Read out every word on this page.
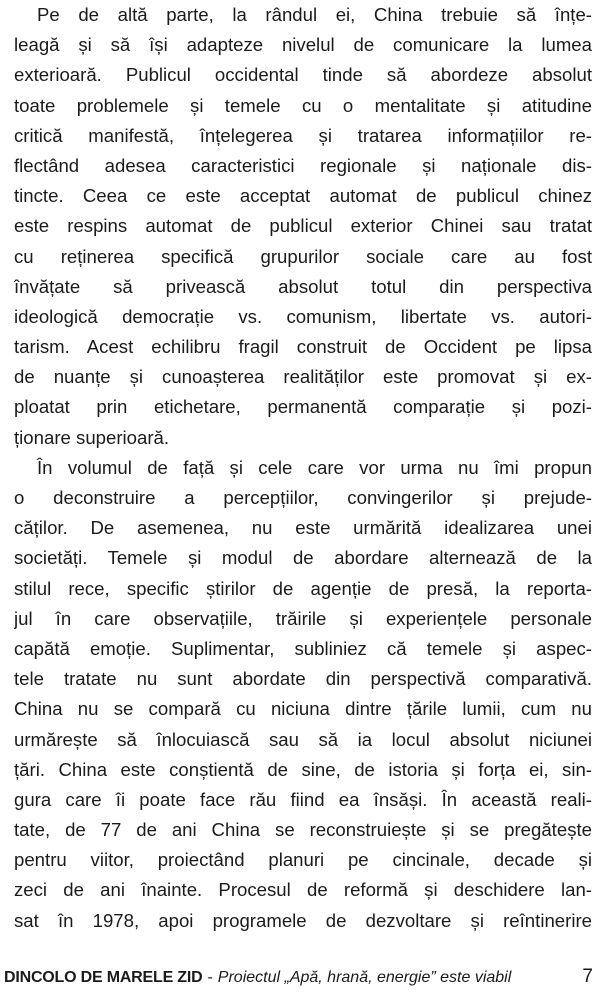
Pe de altă parte, la rândul ei, China trebuie să înțe-
leagă și să își adapteze nivelul de comunicare la lumea
exterioară. Publicul occidental tinde să abordeze absolut
toate problemele și temele cu o mentalitate și atitudine
critică manifestă, înțelegerea și tratarea informațiilor re-
flectând adesea caracteristici regionale și naționale dis-
tincte. Ceea ce este acceptat automat de publicul chinez
este respins automat de publicul exterior Chinei sau tratat
cu reținerea specifică grupurilor sociale care au fost
învățate să privească absolut totul din perspectiva
ideologică democrație vs. comunism, libertate vs. autori-
tarism. Acest echilibru fragil construit de Occident pe lipsa
de nuanțe și cunoașterea realităților este promovat și ex-
ploatat prin etichetare, permanentă comparație și pozi-
ționare superioară.
În volumul de față și cele care vor urma nu îmi propun
o deconstruire a percepțiilor, convingerilor și prejude-
căților. De asemenea, nu este urmărită idealizarea unei
societăți. Temele și modul de abordare alternează de la
stilul rece, specific știrilor de agenție de presă, la reporta-
jul în care observațiile, trăirile și experiențele personale
capătă emoție. Suplimentar, subliniez că temele și aspec-
tele tratate nu sunt abordate din perspectivă comparativă.
China nu se compară cu niciuna dintre țările lumii, cum nu
urmărește să înlocuiască sau să ia locul absolut niciunei
țări. China este conștientă de sine, de istoria și forța ei, sin-
gura care îi poate face rău fiind ea însăși. În această reali-
tate, de 77 de ani China se reconstruiește și se pregătește
pentru viitor, proiectând planuri pe cincinale, decade și
zeci de ani înainte. Procesul de reformă și deschidere lan-
sat în 1978, apoi programele de dezvoltare și reîntinerire
DINCOLO DE MARELE ZID - Proiectul „Apă, hrană, energie” este viabil	7
